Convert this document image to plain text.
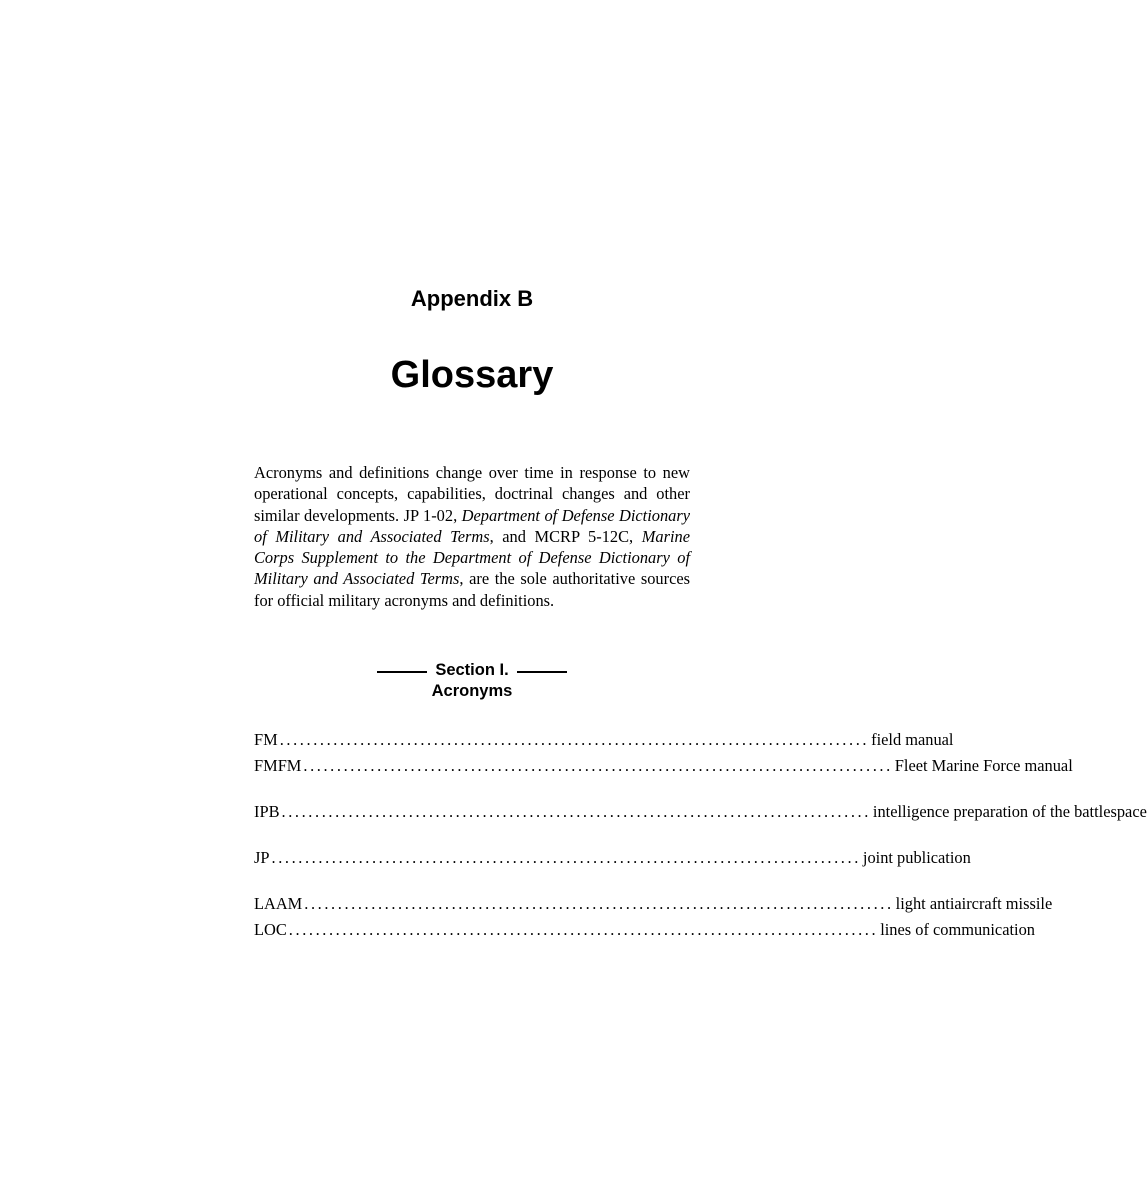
Appendix B
Glossary
Acronyms and definitions change over time in response to new operational concepts, capabilities, doctrinal changes and other similar developments. JP 1-02, Department of Defense Dictionary of Military and Associated Terms, and MCRP 5-12C, Marine Corps Supplement to the Department of Defense Dictionary of Military and Associated Terms, are the sole authoritative sources for official military acronyms and definitions.
Section I.
Acronyms
FM ........................................................................................ field manual
FMFM ........................................................................................ Fleet Marine Force manual
IPB ........................................................................................ intelligence preparation of the battlespace
JP ........................................................................................ joint publication
LAAM ........................................................................................ light antiaircraft missile
LOC ........................................................................................ lines of communication
